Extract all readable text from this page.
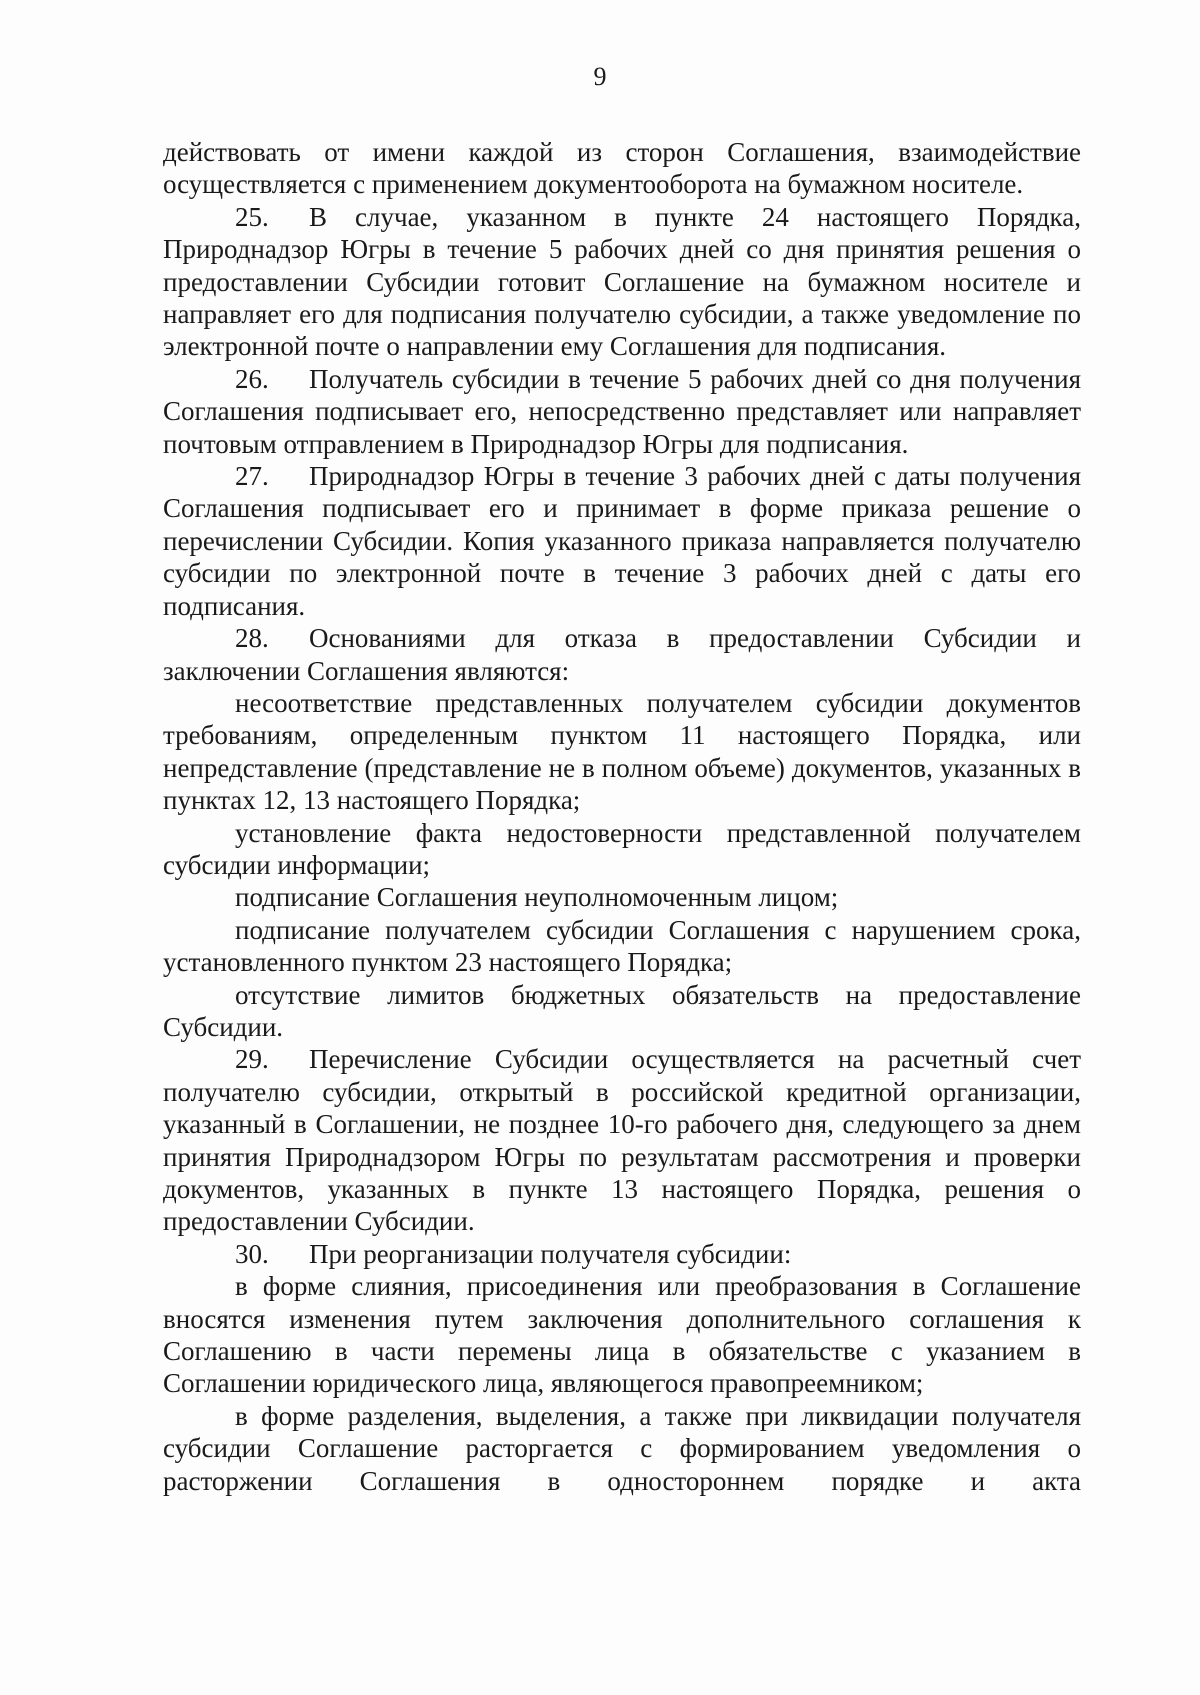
9

действовать от имени каждой из сторон Соглашения, взаимодействие осуществляется с применением документооборота на бумажном носителе.

25. В случае, указанном в пункте 24 настоящего Порядка, Природнадзор Югры в течение 5 рабочих дней со дня принятия решения о предоставлении Субсидии готовит Соглашение на бумажном носителе и направляет его для подписания получателю субсидии, а также уведомление по электронной почте о направлении ему Соглашения для подписания.

26. Получатель субсидии в течение 5 рабочих дней со дня получения Соглашения подписывает его, непосредственно представляет или направляет почтовым отправлением в Природнадзор Югры для подписания.

27. Природнадзор Югры в течение 3 рабочих дней с даты получения Соглашения подписывает его и принимает в форме приказа решение о перечислении Субсидии. Копия указанного приказа направляется получателю субсидии по электронной почте в течение 3 рабочих дней с даты его подписания.

28. Основаниями для отказа в предоставлении Субсидии и заключении Соглашения являются:

несоответствие представленных получателем субсидии документов требованиям, определенным пунктом 11 настоящего Порядка, или непредставление (представление не в полном объеме) документов, указанных в пунктах 12, 13 настоящего Порядка;

установление факта недостоверности представленной получателем субсидии информации;

подписание Соглашения неуполномоченным лицом;

подписание получателем субсидии Соглашения с нарушением срока, установленного пунктом 23 настоящего Порядка;

отсутствие лимитов бюджетных обязательств на предоставление Субсидии.

29. Перечисление Субсидии осуществляется на расчетный счет получателю субсидии, открытый в российской кредитной организации, указанный в Соглашении, не позднее 10-го рабочего дня, следующего за днем принятия Природнадзором Югры по результатам рассмотрения и проверки документов, указанных в пункте 13 настоящего Порядка, решения о предоставлении Субсидии.

30. При реорганизации получателя субсидии:

в форме слияния, присоединения или преобразования в Соглашение вносятся изменения путем заключения дополнительного соглашения к Соглашению в части перемены лица в обязательстве с указанием в Соглашении юридического лица, являющегося правопреемником;

в форме разделения, выделения, а также при ликвидации получателя субсидии Соглашение расторгается с формированием уведомления о расторжении Соглашения в одностороннем порядке и акта
